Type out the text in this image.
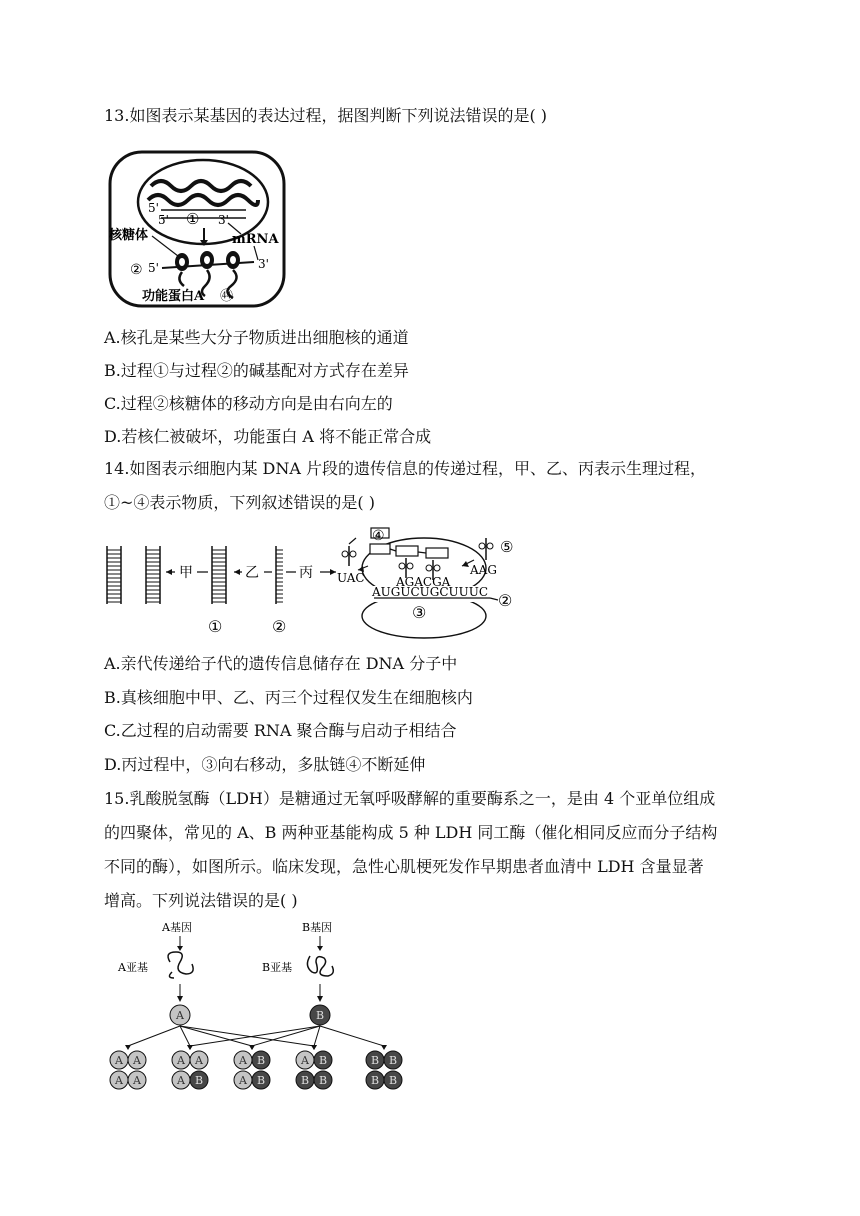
13.如图表示某基因的表达过程，据图判断下列说法错误的是( )
5'
5' ① 3'
核糖体	mRNA
② 5'	3'
功能蛋白A ㊹
A.核孔是某些大分子物质进出细胞核的通道
B.过程①与过程②的碱基配对方式存在差异
C.过程②核糖体的移动方向是由右向左的
D.若核仁被破坏，功能蛋白 A 将不能正常合成
14.如图表示细胞内某 DNA 片段的遗传信息的传递过程，甲、乙、丙表示生理过程，
①~④表示物质，下列叙述错误的是( )
甲	乙	丙
①	②
AUGUCUGCUUUC
③
②
④
⑤
UAC	AGACGA
AAG
A.亲代传递给子代的遗传信息储存在 DNA 分子中
B.真核细胞中甲、乙、丙三个过程仅发生在细胞核内
C.乙过程的启动需要 RNA 聚合酶与启动子相结合
D.丙过程中，③向右移动，多肽链④不断延伸
15.乳酸脱氢酶（LDH）是糖通过无氧呼吸酵解的重要酶系之一，是由 4 个亚单位组成
的四聚体，常见的 A、B 两种亚基能构成 5 种 LDH 同工酶（催化相同反应而分子结构
不同的酶），如图所示。临床发现，急性心肌梗死发作早期患者血清中 LDH 含量显著
增高。下列说法错误的是( )
A基因	B基因
A亚基	B亚基
A	B
A A
A A
A A
A B
A B
A B
A B
B B
B B
B B
